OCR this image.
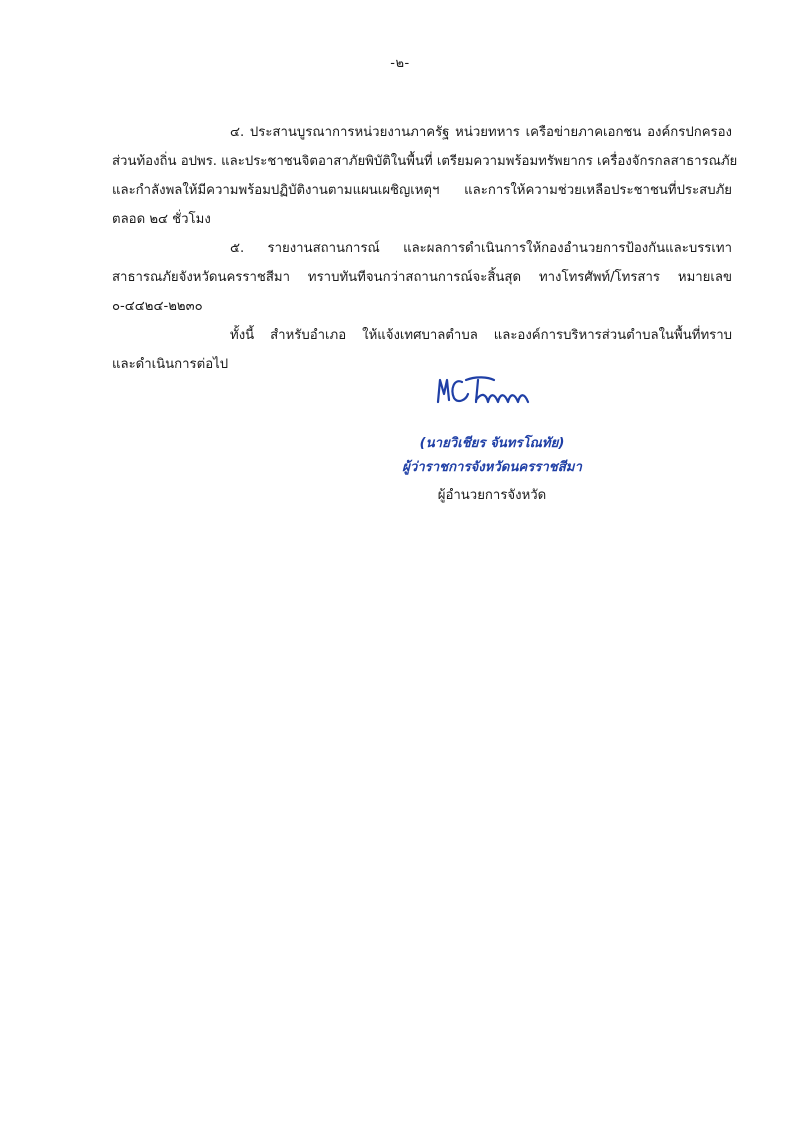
-๒-

๔. ประสานบูรณาการหน่วยงานภาครัฐ หน่วยทหาร เครือข่ายภาคเอกชน องค์กรปกครอง
ส่วนท้องถิ่น อปพร. และประชาชนจิตอาสาภัยพิบัติในพื้นที่ เตรียมความพร้อมทรัพยากร เครื่องจักรกลสาธารณภัย
และกำลังพลให้มีความพร้อมปฏิบัติงานตามแผนเผชิญเหตุฯ และการให้ความช่วยเหลือประชาชนที่ประสบภัย
ตลอด ๒๔ ชั่วโมง

๕. รายงานสถานการณ์ และผลการดำเนินการให้กองอำนวยการป้องกันและบรรเทา
สาธารณภัยจังหวัดนครราชสีมา ทราบทันทีจนกว่าสถานการณ์จะสิ้นสุด ทางโทรศัพท์/โทรสาร หมายเลข
๐-๔๔๒๔-๒๒๓๐

ทั้งนี้ สำหรับอำเภอ ให้แจ้งเทศบาลตำบล และองค์การบริหารส่วนตำบลในพื้นที่ทราบ
และดำเนินการต่อไป

(นายวิเชียร จันทรโณทัย)
ผู้ว่าราชการจังหวัดนครราชสีมา
ผู้อำนวยการจังหวัด
